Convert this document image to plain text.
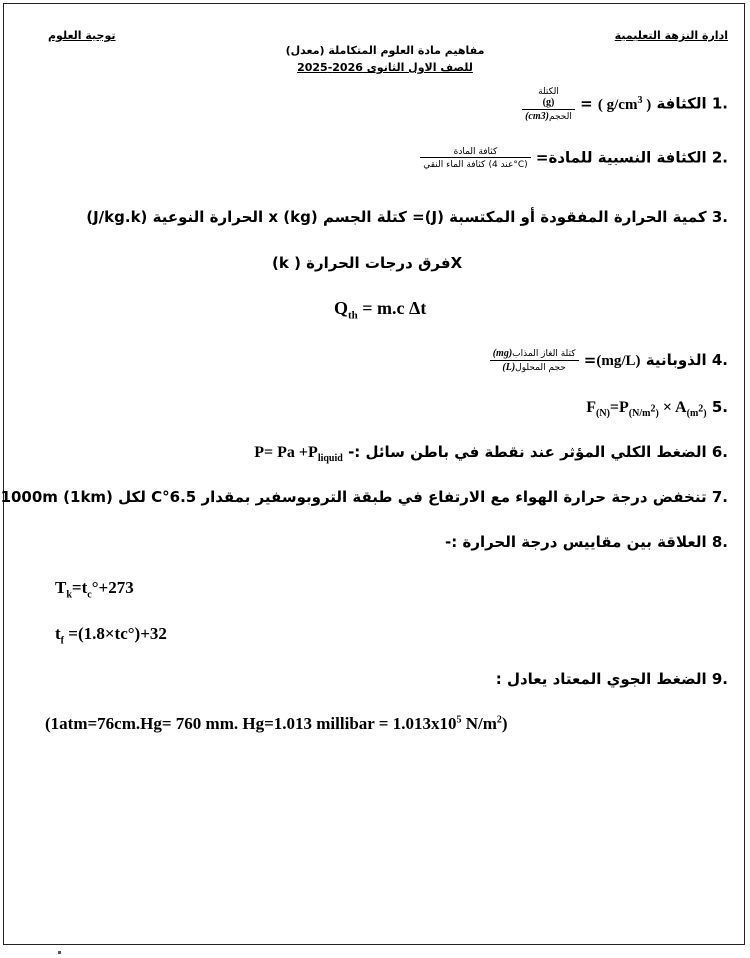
توجية العلوم	ادارة النزهة التعليمية
مفاهيم مادة العلوم المتكاملة (معدل)
للصف الاول الثانوى 2026-2025
.1 الكثافة ( $g/cm^3$ ) =
الكتلة
(g)
(cm3)الحجم
.2 الكثافة النسبية للمادة=
$\frac{\text{كثافة المادة}}{\text{كثافة الماء النقي (عند 4°C)}}$
.3 كمية الحرارة المفقودة أو المكتسبة (J)= كتلة الجسم (kg) x الحرارة النوعية (J/kg.k)
Xفرق درجات الحرارة ( k)
$Q_{th} = m.c$ Δt
.4 الذوبانية (mg/L)=
$\frac{\text{(mg)كتلة الغاز المذاب}}{\text{(L)حجم المحلول}}$
.5 $F_{(N)}=P_{(N/m^2)} \times A_{(m^2)}$
.6 الضغط الكلي المؤثر عند نقطة في باطن سائل :- $P= Pa +P_{liquid}$
.7 تنخفض درجة حرارة الهواء مع الارتفاع في طبقة التروبوسفير بمقدار 6.5°C لكل 1000m (1km)
.8 العلاقة بين مقاييس درجة الحرارة :-
$T_k=t_c^\circ+273$
$t_f =(1.8\times tc^\circ)+32$
.9 الضغط الجوي المعتاد يعادل :
(1atm=76cm.Hg= 760 mm. Hg=1.013 millibar = $1.013x10^5$ $N/m^2$)
